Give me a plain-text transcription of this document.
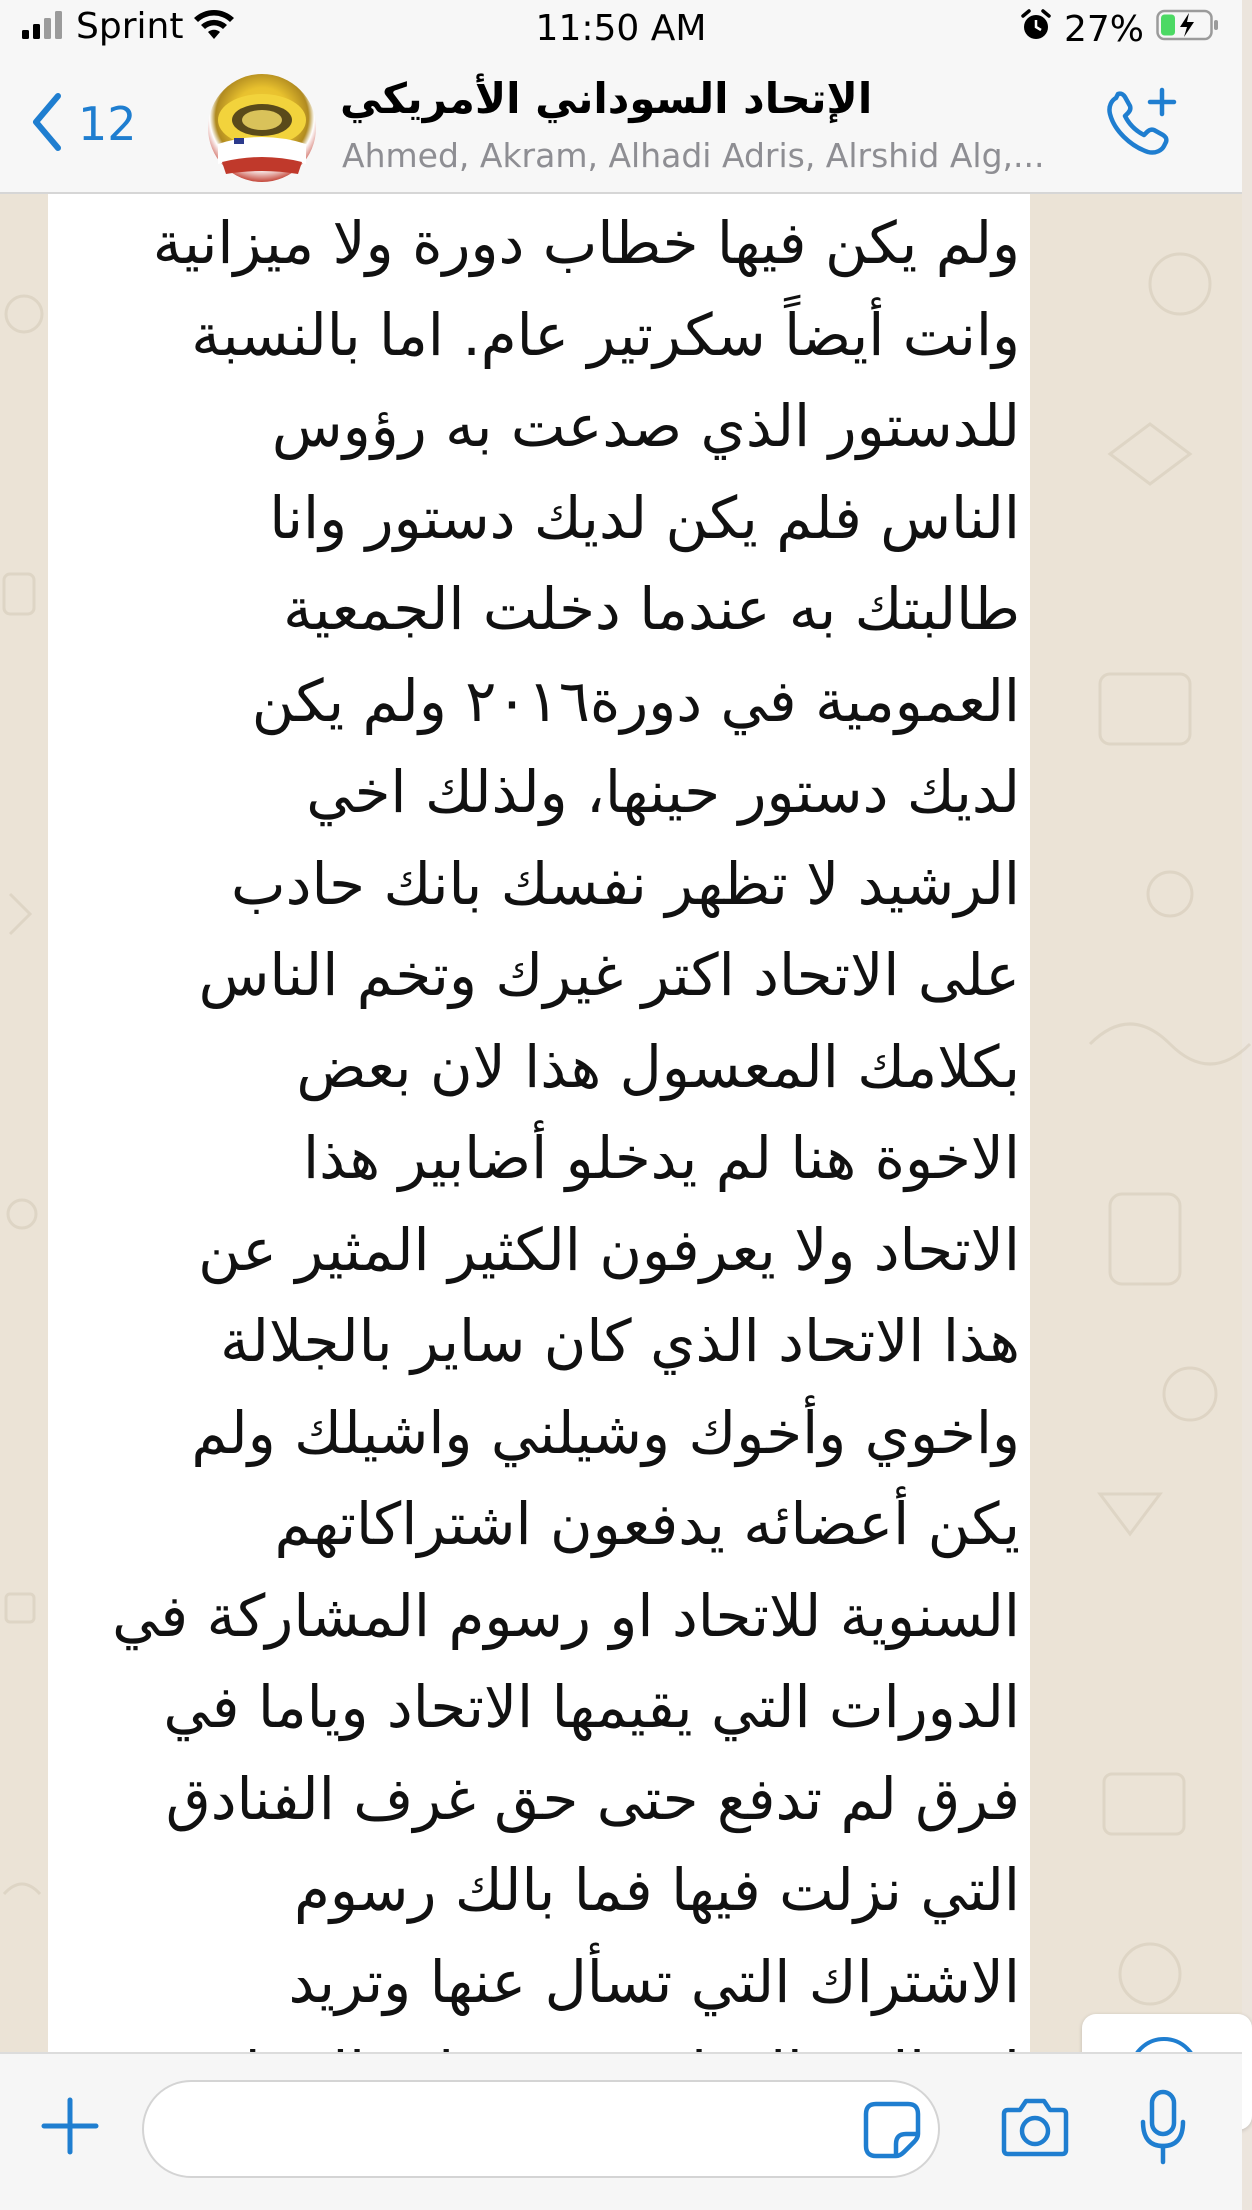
Sprint	11:50 AM	27%
12	الإتحاد السوداني الأمريكي
Ahmed, Akram, Alhadi Adris, Alrshid Alg,...

ولم يكن فيها خطاب دورة ولا ميزانية
وانت أيضاً سكرتير عام. اما بالنسبة
للدستور الذي صدعت به رؤوس
الناس فلم يكن لديك دستور وانا
طالبتك به عندما دخلت الجمعية
العمومية في دورة٢٠١٦ ولم يكن
لديك دستور حينها، ولذلك اخي
الرشيد لا تظهر نفسك بانك حادب
على الاتحاد اكتر غيرك وتخم الناس
بكلامك المعسول هذا لان بعض
الاخوة هنا لم يدخلو أضابير هذا
الاتحاد ولا يعرفون الكثير المثير عن
هذا الاتحاد الذي كان ساير بالجلالة
واخوي وأخوك وشيلني واشيلك ولم
يكن أعضائه يدفعون اشتراكاتهم
السنوية للاتحاد او رسوم المشاركة في
الدورات التي يقيمها الاتحاد وياما في
فرق لم تدفع حتى حق غرف الفنادق
التي نزلت فيها فما بالك رسوم
الاشتراك التي تسأل عنها وتريد
